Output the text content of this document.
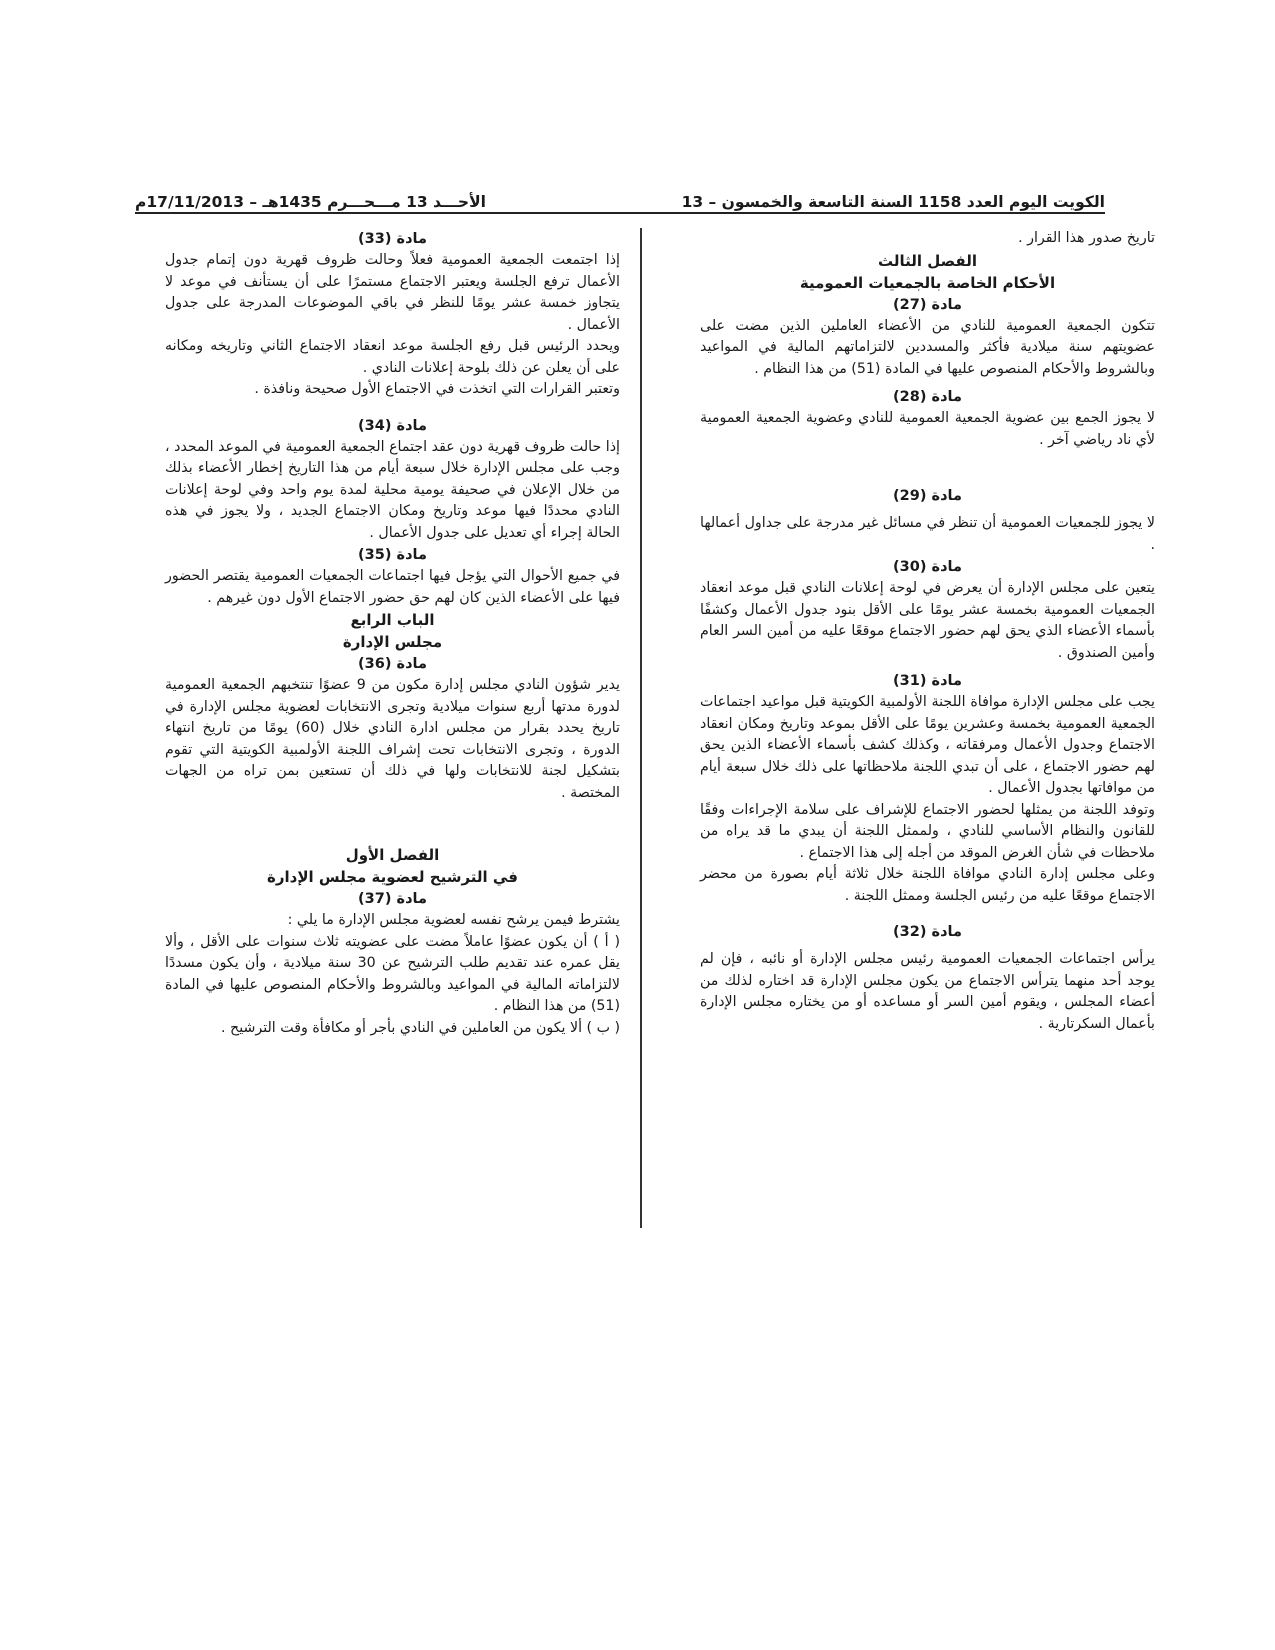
الكويت اليوم العدد 1158 السنة التاسعة والخمسون – 13
الأحـــد 13 مـــحـــرم 1435هـ – 17/11/2013م

تاريخ صدور هذا القرار .

الفصل الثالث

الأحكام الخاصة بالجمعيات العمومية

مادة (27)

تتكون الجمعية العمومية للنادي من الأعضاء العاملين الذين مضت على عضويتهم سنة ميلادية فأكثر والمسددين لالتزاماتهم المالية في المواعيد وبالشروط والأحكام المنصوص عليها في المادة (51) من هذا النظام .

مادة (28)

لا يجوز الجمع بين عضوية الجمعية العمومية للنادي وعضوية الجمعية العمومية لأي ناد رياضي آخر .

مادة (29)

لا يجوز للجمعيات العمومية أن تنظر في مسائل غير مدرجة على جداول أعمالها .

مادة (30)

يتعين على مجلس الإدارة أن يعرض في لوحة إعلانات النادي قبل موعد انعقاد الجمعيات العمومية بخمسة عشر يومًا على الأقل بنود جدول الأعمال وكشفًا بأسماء الأعضاء الذي يحق لهم حضور الاجتماع موقعًا عليه من أمين السر العام وأمين الصندوق .

مادة (31)

يجب على مجلس الإدارة موافاة اللجنة الأولمبية الكويتية قبل مواعيد اجتماعات الجمعية العمومية بخمسة وعشرين يومًا على الأقل بموعد وتاريخ ومكان انعقاد الاجتماع وجدول الأعمال ومرفقاته ، وكذلك كشف بأسماء الأعضاء الذين يحق لهم حضور الاجتماع ، على أن تبدي اللجنة ملاحظاتها على ذلك خلال سبعة أيام من موافاتها بجدول الأعمال .

وتوفد اللجنة من يمثلها لحضور الاجتماع للإشراف على سلامة الإجراءات وفقًا للقانون والنظام الأساسي للنادي ، ولممثل اللجنة أن يبدي ما قد يراه من ملاحظات في شأن الغرض الموقد من أجله إلى هذا الاجتماع .

وعلى مجلس إدارة النادي موافاة اللجنة خلال ثلاثة أيام بصورة من محضر الاجتماع موقعًا عليه من رئيس الجلسة وممثل اللجنة .

مادة (32)

يرأس اجتماعات الجمعيات العمومية رئيس مجلس الإدارة أو نائبه ، فإن لم يوجد أحد منهما يترأس الاجتماع من يكون مجلس الإدارة قد اختاره لذلك من أعضاء المجلس ، ويقوم أمين السر أو مساعده أو من يختاره مجلس الإدارة بأعمال السكرتارية .

مادة (33)

إذا اجتمعت الجمعية العمومية فعلاً وحالت ظروف قهرية دون إتمام جدول الأعمال ترفع الجلسة ويعتبر الاجتماع مستمرًا على أن يستأنف في موعد لا يتجاوز خمسة عشر يومًا للنظر في باقي الموضوعات المدرجة على جدول الأعمال .

ويحدد الرئيس قبل رفع الجلسة موعد انعقاد الاجتماع الثاني وتاريخه ومكانه على أن يعلن عن ذلك بلوحة إعلانات النادي .

وتعتبر القرارات التي اتخذت في الاجتماع الأول صحيحة ونافذة .

مادة (34)

إذا حالت ظروف قهرية دون عقد اجتماع الجمعية العمومية في الموعد المحدد ، وجب على مجلس الإدارة خلال سبعة أيام من هذا التاريخ إخطار الأعضاء بذلك من خلال الإعلان في صحيفة يومية محلية لمدة يوم واحد وفي لوحة إعلانات النادي محددًا فيها موعد وتاريخ ومكان الاجتماع الجديد ، ولا يجوز في هذه الحالة إجراء أي تعديل على جدول الأعمال .

مادة (35)

في جميع الأحوال التي يؤجل فيها اجتماعات الجمعيات العمومية يقتصر الحضور فيها على الأعضاء الذين كان لهم حق حضور الاجتماع الأول دون غيرهم .

الباب الرابع

مجلس الإدارة

مادة (36)

يدير شؤون النادي مجلس إدارة مكون من 9 عضوًا تنتخبهم الجمعية العمومية لدورة مدتها أربع سنوات ميلادية وتجرى الانتخابات لعضوية مجلس الإدارة في تاريخ يحدد بقرار من مجلس ادارة النادي خلال (60) يومًا من تاريخ انتهاء الدورة ، وتجرى الانتخابات تحت إشراف اللجنة الأولمبية الكويتية التي تقوم بتشكيل لجنة للانتخابات ولها في ذلك أن تستعين بمن تراه من الجهات المختصة .

الفصل الأول

في الترشيح لعضوية مجلس الإدارة

مادة (37)

يشترط فيمن يرشح نفسه لعضوية مجلس الإدارة ما يلي :

( أ ) أن يكون عضوًا عاملاً مضت على عضويته ثلاث سنوات على الأقل ، وألا يقل عمره عند تقديم طلب الترشيح عن 30 سنة ميلادية ، وأن يكون مسددًا لالتزاماته المالية في المواعيد وبالشروط والأحكام المنصوص عليها في المادة (51) من هذا النظام .

( ب ) ألا يكون من العاملين في النادي بأجر أو مكافأة وقت الترشيح .
